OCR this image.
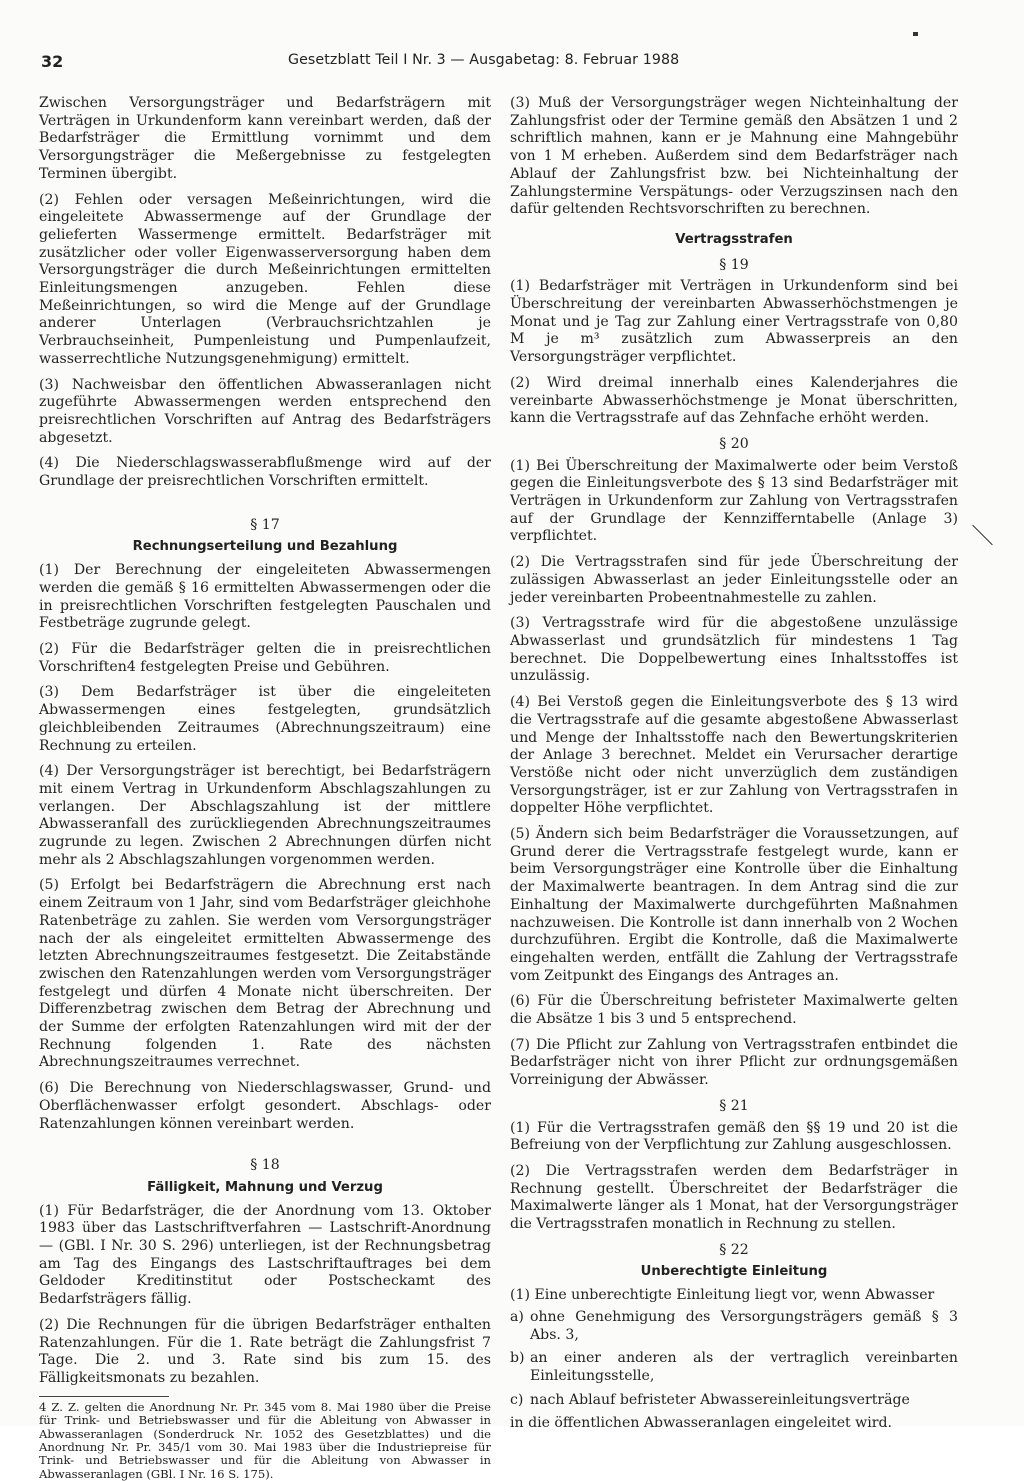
32	Gesetzblatt Teil I Nr. 3 — Ausgabetag: 8. Februar 1988

Zwischen Versorgungsträger und Bedarfsträgern mit Verträgen in Urkundenform kann vereinbart werden, daß der Bedarfsträger die Ermittlung vornimmt und dem Versorgungsträger die Meßergebnisse zu festgelegten Terminen übergibt.

(2) Fehlen oder versagen Meßeinrichtungen, wird die eingeleitete Abwassermenge auf der Grundlage der gelieferten Wassermenge ermittelt. Bedarfsträger mit zusätzlicher oder voller Eigenwasserversorgung haben dem Versorgungsträger die durch Meßeinrichtungen ermittelten Einleitungsmengen anzugeben. Fehlen diese Meßeinrichtungen, so wird die Menge auf der Grundlage anderer Unterlagen (Verbrauchsrichtzahlen je Verbrauchseinheit, Pumpenleistung und Pumpenlaufzeit, wasserrechtliche Nutzungsgenehmigung) ermittelt.

(3) Nachweisbar den öffentlichen Abwasseranlagen nicht zugeführte Abwassermengen werden entsprechend den preisrechtlichen Vorschriften auf Antrag des Bedarfsträgers abgesetzt.

(4) Die Niederschlagswasserabflußmenge wird auf der Grundlage der preisrechtlichen Vorschriften ermittelt.

§ 17
Rechnungserteilung und Bezahlung

(1) Der Berechnung der eingeleiteten Abwassermengen werden die gemäß § 16 ermittelten Abwassermengen oder die in preisrechtlichen Vorschriften festgelegten Pauschalen und Festbeträge zugrunde gelegt.

(2) Für die Bedarfsträger gelten die in preisrechtlichen Vorschriften4 festgelegten Preise und Gebühren.

(3) Dem Bedarfsträger ist über die eingeleiteten Abwassermengen eines festgelegten, grundsätzlich gleichbleibenden Zeitraumes (Abrechnungszeitraum) eine Rechnung zu erteilen.

(4) Der Versorgungsträger ist berechtigt, bei Bedarfsträgern mit einem Vertrag in Urkundenform Abschlagszahlungen zu verlangen. Der Abschlagszahlung ist der mittlere Abwasseranfall des zurückliegenden Abrechnungszeitraumes zugrunde zu legen. Zwischen 2 Abrechnungen dürfen nicht mehr als 2 Abschlagszahlungen vorgenommen werden.

(5) Erfolgt bei Bedarfsträgern die Abrechnung erst nach einem Zeitraum von 1 Jahr, sind vom Bedarfsträger gleichhohe Ratenbeträge zu zahlen. Sie werden vom Versorgungsträger nach der als eingeleitet ermittelten Abwassermenge des letzten Abrechnungszeitraumes festgesetzt. Die Zeitabstände zwischen den Ratenzahlungen werden vom Versorgungsträger festgelegt und dürfen 4 Monate nicht überschreiten. Der Differenzbetrag zwischen dem Betrag der Abrechnung und der Summe der erfolgten Ratenzahlungen wird mit der der Rechnung folgenden 1. Rate des nächsten Abrechnungszeitraumes verrechnet.

(6) Die Berechnung von Niederschlagswasser, Grund- und Oberflächenwasser erfolgt gesondert. Abschlags- oder Ratenzahlungen können vereinbart werden.

§ 18
Fälligkeit, Mahnung und Verzug

(1) Für Bedarfsträger, die der Anordnung vom 13. Oktober 1983 über das Lastschriftverfahren — Lastschrift-Anordnung — (GBl. I Nr. 30 S. 296) unterliegen, ist der Rechnungsbetrag am Tag des Eingangs des Lastschriftauftrages bei dem Geldoder Kreditinstitut oder Postscheckamt des Bedarfsträgers fällig.

(2) Die Rechnungen für die übrigen Bedarfsträger enthalten Ratenzahlungen. Für die 1. Rate beträgt die Zahlungsfrist 7 Tage. Die 2. und 3. Rate sind bis zum 15. des Fälligkeitsmonats zu bezahlen.

4 Z. Z. gelten die Anordnung Nr. Pr. 345 vom 8. Mai 1980 über die Preise für Trink- und Betriebswasser und für die Ableitung von Abwasser in Abwasseranlagen (Sonderdruck Nr. 1052 des Gesetzblattes) und die Anordnung Nr. Pr. 345/1 vom 30. Mai 1983 über die Industriepreise für Trink- und Betriebswasser und für die Ableitung von Abwasser in Abwasseranlagen (GBl. I Nr. 16 S. 175).

(3) Muß der Versorgungsträger wegen Nichteinhaltung der Zahlungsfrist oder der Termine gemäß den Absätzen 1 und 2 schriftlich mahnen, kann er je Mahnung eine Mahngebühr von 1 M erheben. Außerdem sind dem Bedarfsträger nach Ablauf der Zahlungsfrist bzw. bei Nichteinhaltung der Zahlungstermine Verspätungs- oder Verzugszinsen nach den dafür geltenden Rechtsvorschriften zu berechnen.

Vertragsstrafen
§ 19

(1) Bedarfsträger mit Verträgen in Urkundenform sind bei Überschreitung der vereinbarten Abwasserhöchstmengen je Monat und je Tag zur Zahlung einer Vertragsstrafe von 0,80 M je m³ zusätzlich zum Abwasserpreis an den Versorgungsträger verpflichtet.

(2) Wird dreimal innerhalb eines Kalenderjahres die vereinbarte Abwasserhöchstmenge je Monat überschritten, kann die Vertragsstrafe auf das Zehnfache erhöht werden.

§ 20

(1) Bei Überschreitung der Maximalwerte oder beim Verstoß gegen die Einleitungsverbote des § 13 sind Bedarfsträger mit Verträgen in Urkundenform zur Zahlung von Vertragsstrafen auf der Grundlage der Kennzifferntabelle (Anlage 3) verpflichtet.

(2) Die Vertragsstrafen sind für jede Überschreitung der zulässigen Abwasserlast an jeder Einleitungsstelle oder an jeder vereinbarten Probeentnahmestelle zu zahlen.

(3) Vertragsstrafe wird für die abgestoßene unzulässige Abwasserlast und grundsätzlich für mindestens 1 Tag berechnet. Die Doppelbewertung eines Inhaltsstoffes ist unzulässig.

(4) Bei Verstoß gegen die Einleitungsverbote des § 13 wird die Vertragsstrafe auf die gesamte abgestoßene Abwasserlast und Menge der Inhaltsstoffe nach den Bewertungskriterien der Anlage 3 berechnet. Meldet ein Verursacher derartige Verstöße nicht oder nicht unverzüglich dem zuständigen Versorgungsträger, ist er zur Zahlung von Vertragsstrafen in doppelter Höhe verpflichtet.

(5) Ändern sich beim Bedarfsträger die Voraussetzungen, auf Grund derer die Vertragsstrafe festgelegt wurde, kann er beim Versorgungsträger eine Kontrolle über die Einhaltung der Maximalwerte beantragen. In dem Antrag sind die zur Einhaltung der Maximalwerte durchgeführten Maßnahmen nachzuweisen. Die Kontrolle ist dann innerhalb von 2 Wochen durchzuführen. Ergibt die Kontrolle, daß die Maximalwerte eingehalten werden, entfällt die Zahlung der Vertragsstrafe vom Zeitpunkt des Eingangs des Antrages an.

(6) Für die Überschreitung befristeter Maximalwerte gelten die Absätze 1 bis 3 und 5 entsprechend.

(7) Die Pflicht zur Zahlung von Vertragsstrafen entbindet die Bedarfsträger nicht von ihrer Pflicht zur ordnungsgemäßen Vorreinigung der Abwässer.

§ 21

(1) Für die Vertragsstrafen gemäß den §§ 19 und 20 ist die Befreiung von der Verpflichtung zur Zahlung ausgeschlossen.

(2) Die Vertragsstrafen werden dem Bedarfsträger in Rechnung gestellt. Überschreitet der Bedarfsträger die Maximalwerte länger als 1 Monat, hat der Versorgungsträger die Vertragsstrafen monatlich in Rechnung zu stellen.

§ 22
Unberechtigte Einleitung

(1) Eine unberechtigte Einleitung liegt vor, wenn Abwasser

a) ohne Genehmigung des Versorgungsträgers gemäß § 3 Abs. 3,
b) an einer anderen als der vertraglich vereinbarten Einleitungsstelle,
c) nach Ablauf befristeter Abwassereinleitungsverträge

in die öffentlichen Abwasseranlagen eingeleitet wird.
